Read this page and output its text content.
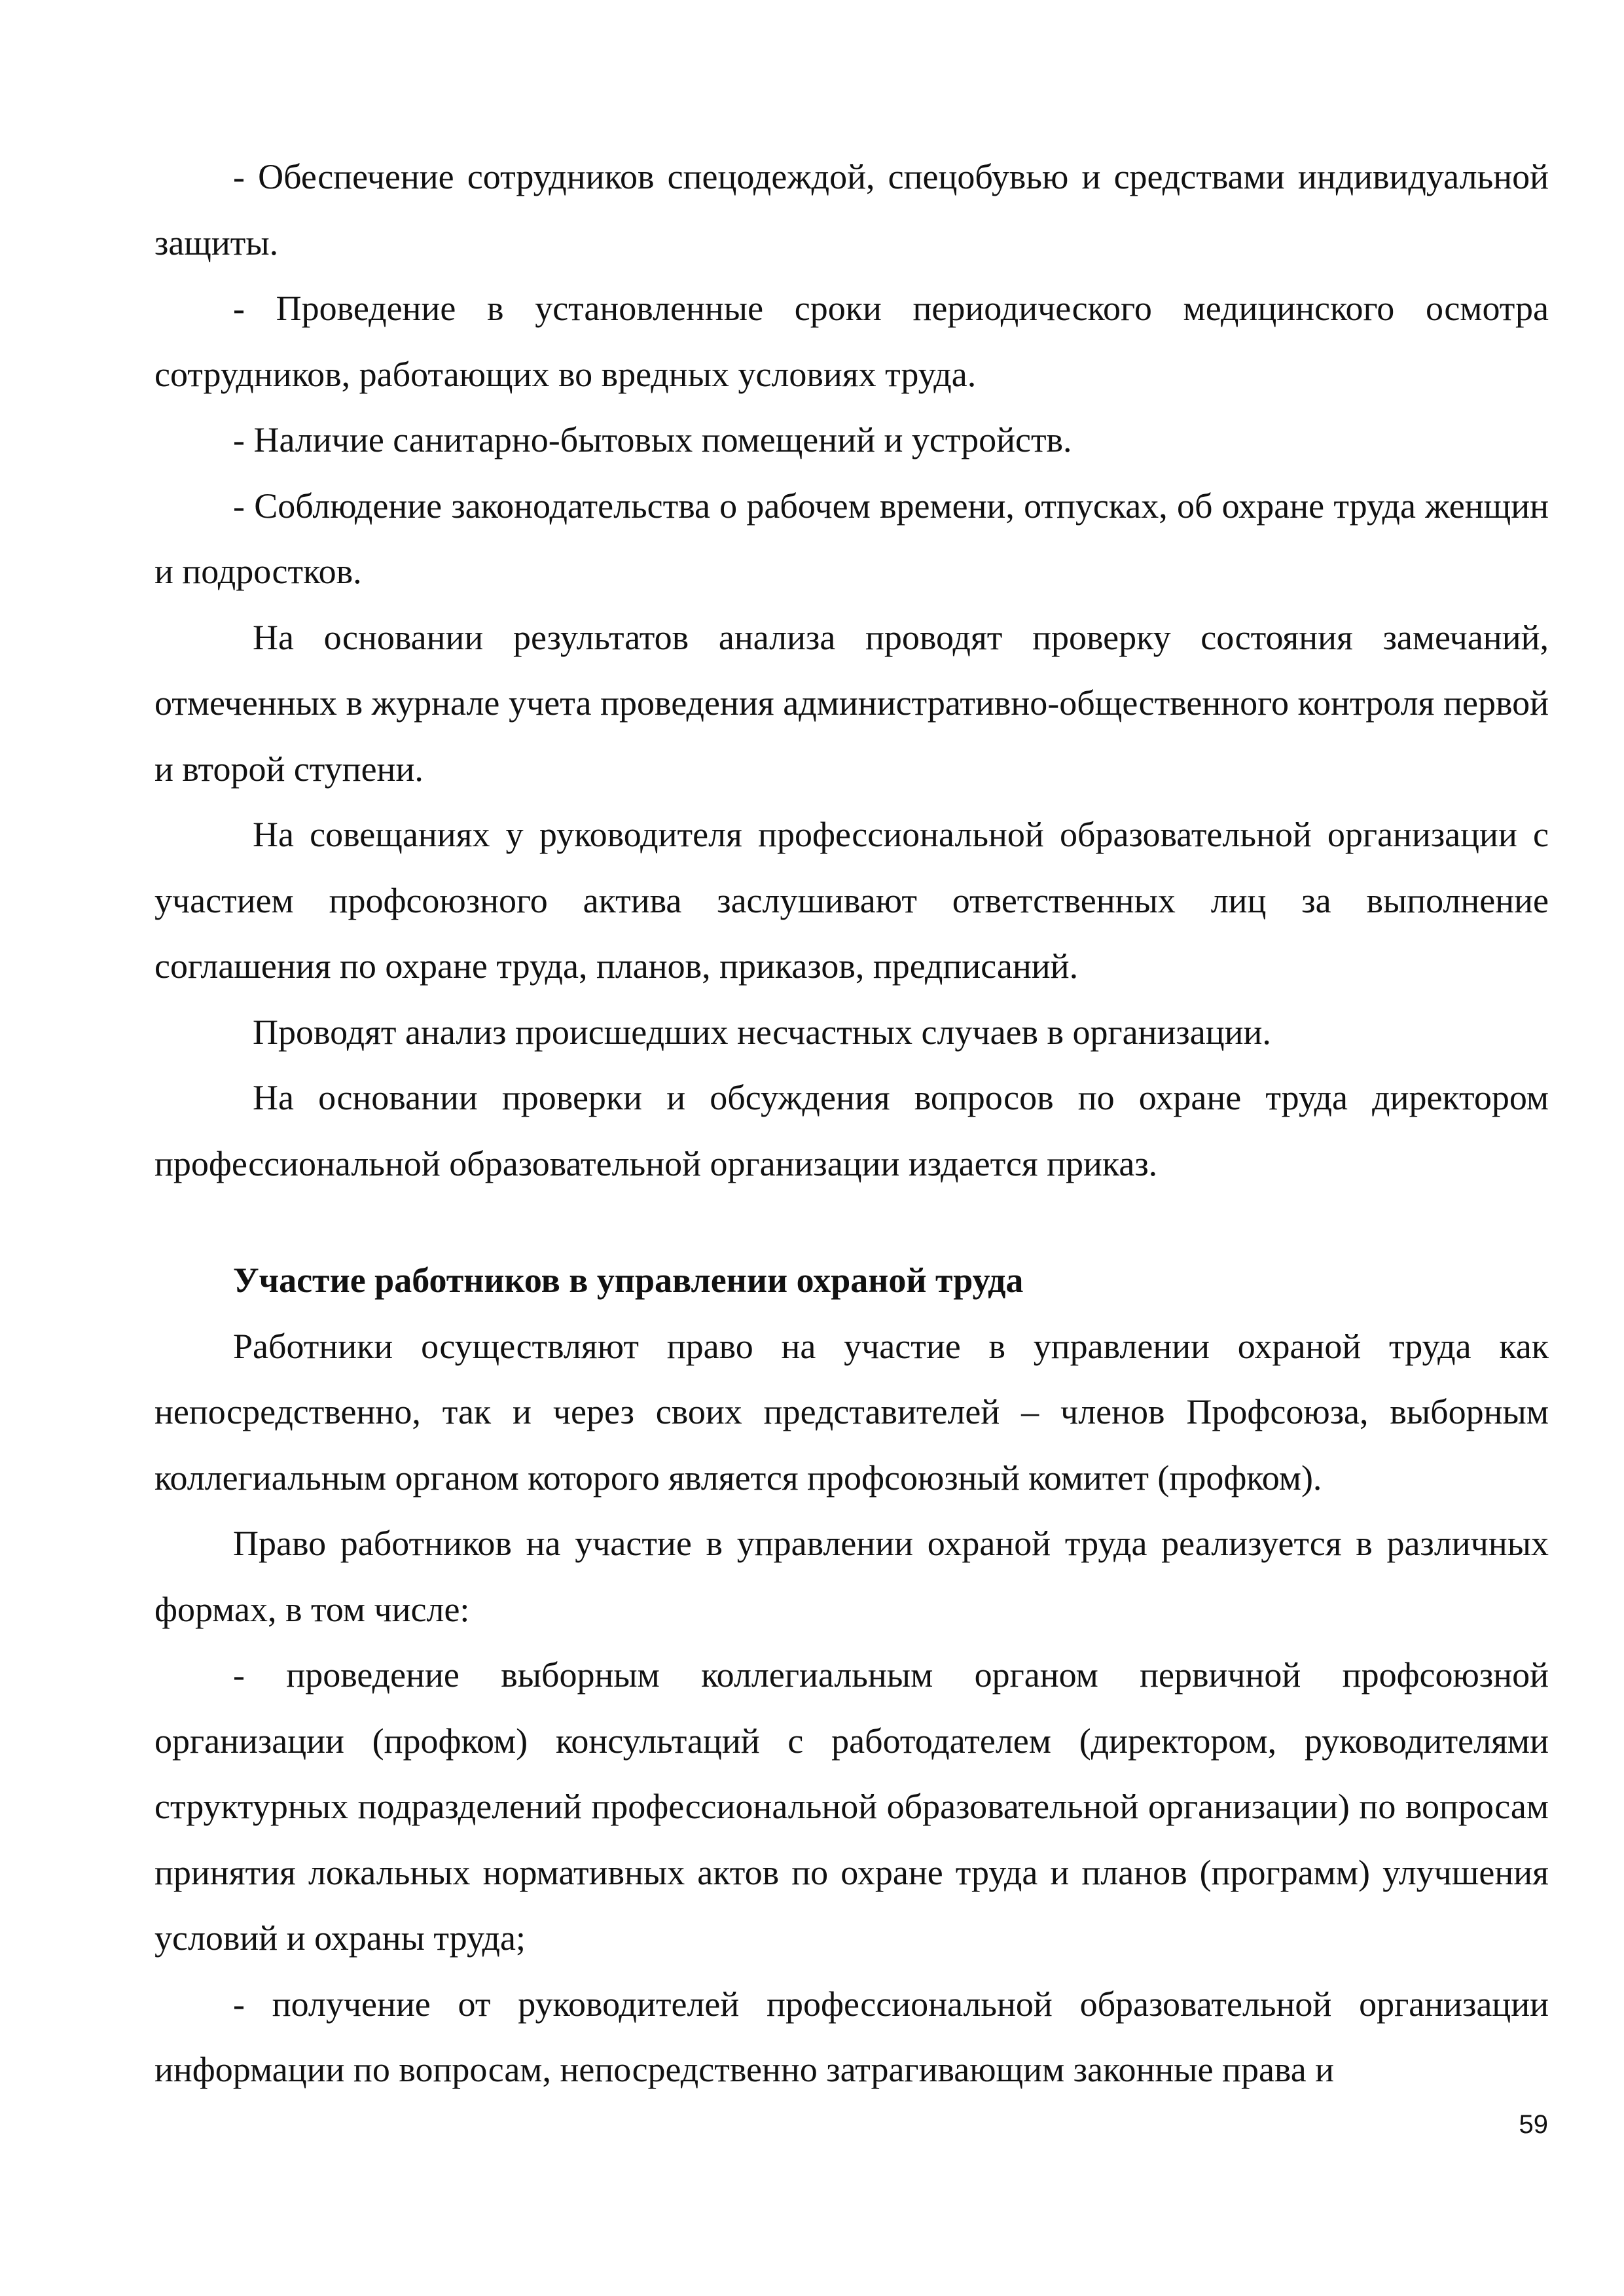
- Обеспечение сотрудников спецодеждой, спецобувью и средствами индивидуальной защиты.

- Проведение в установленные сроки периодического медицинского осмотра сотрудников, работающих во вредных условиях труда.

- Наличие санитарно-бытовых помещений и устройств.

- Соблюдение законодательства о рабочем времени, отпусках, об охране труда женщин и подростков.

На основании результатов анализа проводят проверку состояния замечаний, отмеченных в журнале учета проведения административно-общественного контроля первой и второй ступени.

На совещаниях у руководителя профессиональной образовательной организации с участием профсоюзного актива заслушивают ответственных лиц за выполнение соглашения по охране труда, планов, приказов, предписаний.

Проводят анализ происшедших несчастных случаев в организации.

На основании проверки и обсуждения вопросов по охране труда директором профессиональной образовательной организации издается приказ.

Участие работников в управлении охраной труда

Работники осуществляют право на участие в управлении охраной труда как непосредственно, так и через своих представителей – членов Профсоюза, выборным коллегиальным органом которого является профсоюзный комитет (профком).

Право работников на участие в управлении охраной труда реализуется в различных формах, в том числе:

- проведение выборным коллегиальным органом первичной профсоюзной организации (профком) консультаций с работодателем (директором, руководителями структурных подразделений профессиональной образовательной организации) по вопросам принятия локальных нормативных актов по охране труда и планов (программ) улучшения условий и охраны труда;

- получение от руководителей профессиональной образовательной организации информации по вопросам, непосредственно затрагивающим законные права и

59
